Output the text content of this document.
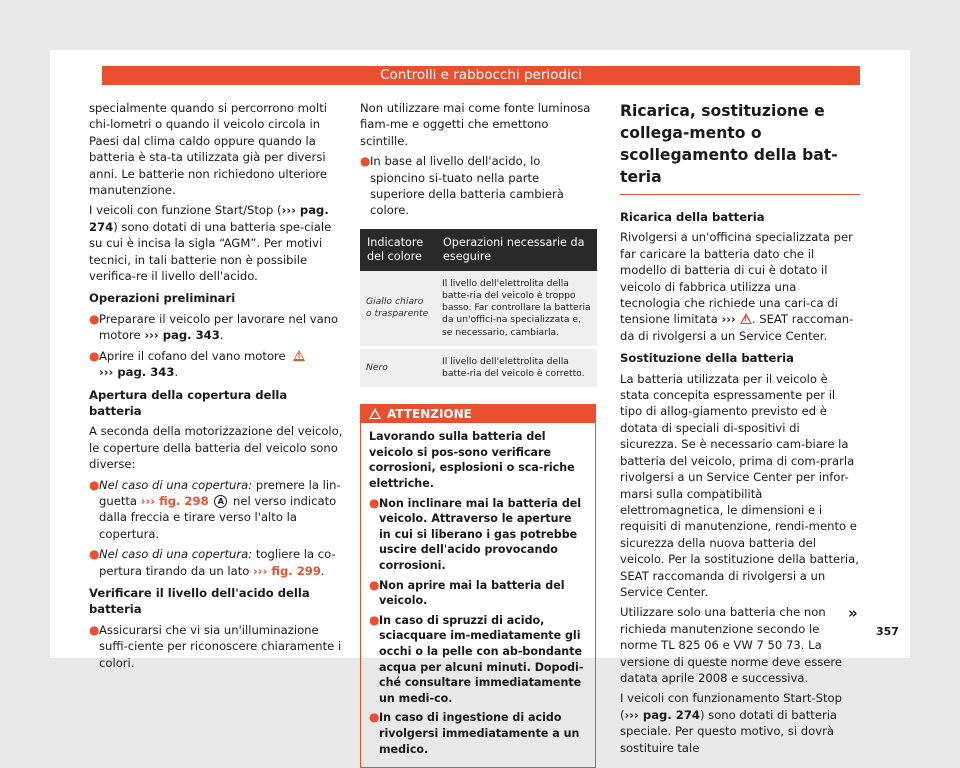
Controlli e rabbocchi periodici

specialmente quando si percorrono molti chi-lometri o quando il veicolo circola in Paesi dal clima caldo oppure quando la batteria è sta-ta utilizzata già per diversi anni. Le batterie non richiedono ulteriore manutenzione.

I veicoli con funzione Start/Stop (››› pag. 274) sono dotati di una batteria spe-ciale su cui è incisa la sigla “AGM”. Per motivi tecnici, in tali batterie non è possibile verifica-re il livello dell'acido.

Operazioni preliminari

● Preparare il veicolo per lavorare nel vano motore ››› pag. 343.
● Aprire il cofano del vano motore !
››› pag. 343.

Apertura della copertura della batteria

A seconda della motorizzazione del veicolo, le coperture della batteria del veicolo sono diverse:

● Nel caso di una copertura: premere la lin-guetta ››› fig. 298 A nel verso indicato dalla freccia e tirare verso l'alto la copertura.
● Nel caso di una copertura: togliere la co-pertura tirando da un lato ››› fig. 299.

Verificare il livello dell'acido della batteria

● Assicurarsi che vi sia un'illuminazione suffi-ciente per riconoscere chiaramente i colori.

Non utilizzare mai come fonte luminosa fiam-me e oggetti che emettono scintille.

● In base al livello dell'acido, lo spioncino si-tuato nella parte superiore della batteria cambierà colore.
Indicatore del colore	Operazioni necessarie da eseguire
Giallo chiaro o trasparente	Il livello dell'elettrolita della batte-ria del veicolo è troppo basso. Far controllare la batteria da un'offici-na specializzata e, se necessario, cambiarla.
Nero	Il livello dell'elettrolita della batte-ria del veicolo è corretto.
ATTENZIONE

Lavorando sulla batteria del veicolo si pos-sono verificare corrosioni, esplosioni o sca-riche elettriche.

● Non inclinare mai la batteria del veicolo. Attraverso le aperture in cui si liberano i gas potrebbe uscire dell'acido provocando corrosioni.
● Non aprire mai la batteria del veicolo.
● In caso di spruzzi di acido, sciacquare im-mediatamente gli occhi o la pelle con ab-bondante acqua per alcuni minuti. Dopodi-ché consultare immediatamente un medi-co.
● In caso di ingestione di acido rivolgersi immediatamente a un medico.
Ricarica, sostituzione e collega-mento o scollegamento della bat-teria

Ricarica della batteria

Rivolgersi a un'officina specializzata per far caricare la batteria dato che il modello di batteria di cui è dotato il veicolo di fabbrica utilizza una tecnologia che richiede una cari-ca di tensione limitata ››› ! . SEAT raccoman-da di rivolgersi a un Service Center.

Sostituzione della batteria

La batteria utilizzata per il veicolo è stata concepita espressamente per il tipo di allog-giamento previsto ed è dotata di speciali di-spositivi di sicurezza. Se è necessario cam-biare la batteria del veicolo, prima di com-prarla rivolgersi a un Service Center per infor-marsi sulla compatibilità elettromagnetica, le dimensioni e i requisiti di manutenzione, rendi-mento e sicurezza della nuova batteria del veicolo. Per la sostituzione della batteria, SEAT raccomanda di rivolgersi a un Service Center.

Utilizzare solo una batteria che non richieda manutenzione secondo le norme TL 825 06 e VW 7 50 73. La versione di queste norme deve essere datata aprile 2008 e successiva.

I veicoli con funzionamento Start-Stop (››› pag. 274) sono dotati di batteria speciale. Per questo motivo, si dovrà sostituire tale

»
357
